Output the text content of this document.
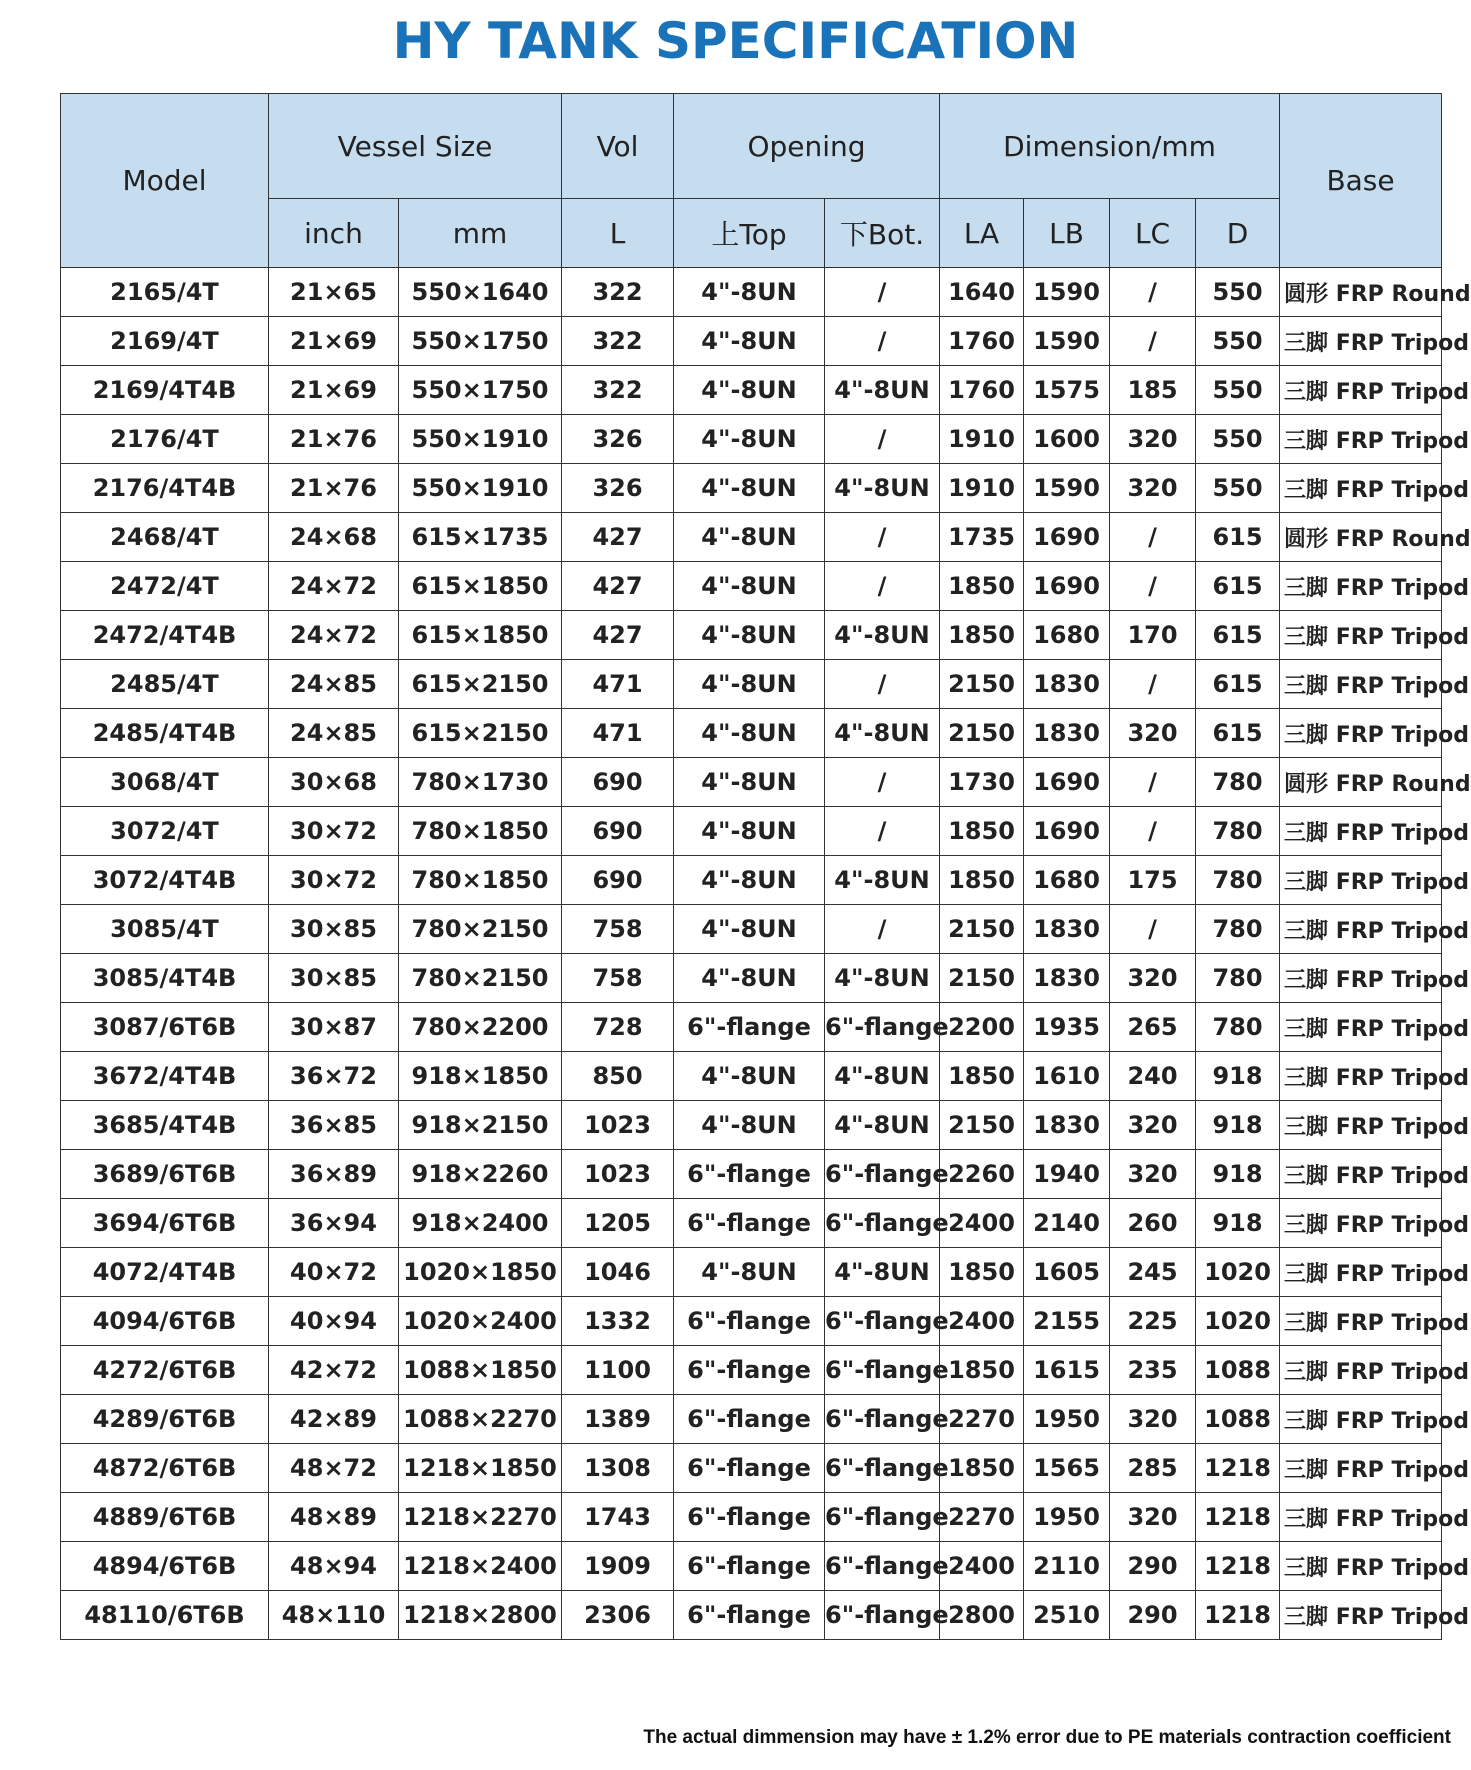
HY TANK SPECIFICATION
Model	Vessel Size		Vol	Opening		Dimension/mm				Base
	inch	mm	L	上Top	下Bot.	LA	LB	LC	D	
2165/4T	21×65	550×1640	322	4"-8UN	/	1640	1590	/	550	圆形 FRP Round
2169/4T	21×69	550×1750	322	4"-8UN	/	1760	1590	/	550	三脚 FRP Tripod
2169/4T4B	21×69	550×1750	322	4"-8UN	4"-8UN	1760	1575	185	550	三脚 FRP Tripod
2176/4T	21×76	550×1910	326	4"-8UN	/	1910	1600	320	550	三脚 FRP Tripod
2176/4T4B	21×76	550×1910	326	4"-8UN	4"-8UN	1910	1590	320	550	三脚 FRP Tripod
2468/4T	24×68	615×1735	427	4"-8UN	/	1735	1690	/	615	圆形 FRP Round
2472/4T	24×72	615×1850	427	4"-8UN	/	1850	1690	/	615	三脚 FRP Tripod
2472/4T4B	24×72	615×1850	427	4"-8UN	4"-8UN	1850	1680	170	615	三脚 FRP Tripod
2485/4T	24×85	615×2150	471	4"-8UN	/	2150	1830	/	615	三脚 FRP Tripod
2485/4T4B	24×85	615×2150	471	4"-8UN	4"-8UN	2150	1830	320	615	三脚 FRP Tripod
3068/4T	30×68	780×1730	690	4"-8UN	/	1730	1690	/	780	圆形 FRP Round
3072/4T	30×72	780×1850	690	4"-8UN	/	1850	1690	/	780	三脚 FRP Tripod
3072/4T4B	30×72	780×1850	690	4"-8UN	4"-8UN	1850	1680	175	780	三脚 FRP Tripod
3085/4T	30×85	780×2150	758	4"-8UN	/	2150	1830	/	780	三脚 FRP Tripod
3085/4T4B	30×85	780×2150	758	4"-8UN	4"-8UN	2150	1830	320	780	三脚 FRP Tripod
3087/6T6B	30×87	780×2200	728	6"-flange	6"-flange	2200	1935	265	780	三脚 FRP Tripod
3672/4T4B	36×72	918×1850	850	4"-8UN	4"-8UN	1850	1610	240	918	三脚 FRP Tripod
3685/4T4B	36×85	918×2150	1023	4"-8UN	4"-8UN	2150	1830	320	918	三脚 FRP Tripod
3689/6T6B	36×89	918×2260	1023	6"-flange	6"-flange	2260	1940	320	918	三脚 FRP Tripod
3694/6T6B	36×94	918×2400	1205	6"-flange	6"-flange	2400	2140	260	918	三脚 FRP Tripod
4072/4T4B	40×72	1020×1850	1046	4"-8UN	4"-8UN	1850	1605	245	1020	三脚 FRP Tripod
4094/6T6B	40×94	1020×2400	1332	6"-flange	6"-flange	2400	2155	225	1020	三脚 FRP Tripod
4272/6T6B	42×72	1088×1850	1100	6"-flange	6"-flange	1850	1615	235	1088	三脚 FRP Tripod
4289/6T6B	42×89	1088×2270	1389	6"-flange	6"-flange	2270	1950	320	1088	三脚 FRP Tripod
4872/6T6B	48×72	1218×1850	1308	6"-flange	6"-flange	1850	1565	285	1218	三脚 FRP Tripod
4889/6T6B	48×89	1218×2270	1743	6"-flange	6"-flange	2270	1950	320	1218	三脚 FRP Tripod
4894/6T6B	48×94	1218×2400	1909	6"-flange	6"-flange	2400	2110	290	1218	三脚 FRP Tripod
48110/6T6B	48×110	1218×2800	2306	6"-flange	6"-flange	2800	2510	290	1218	三脚 FRP Tripod
The actual dimmension may have ± 1.2% error due to PE materials contraction coefficient
